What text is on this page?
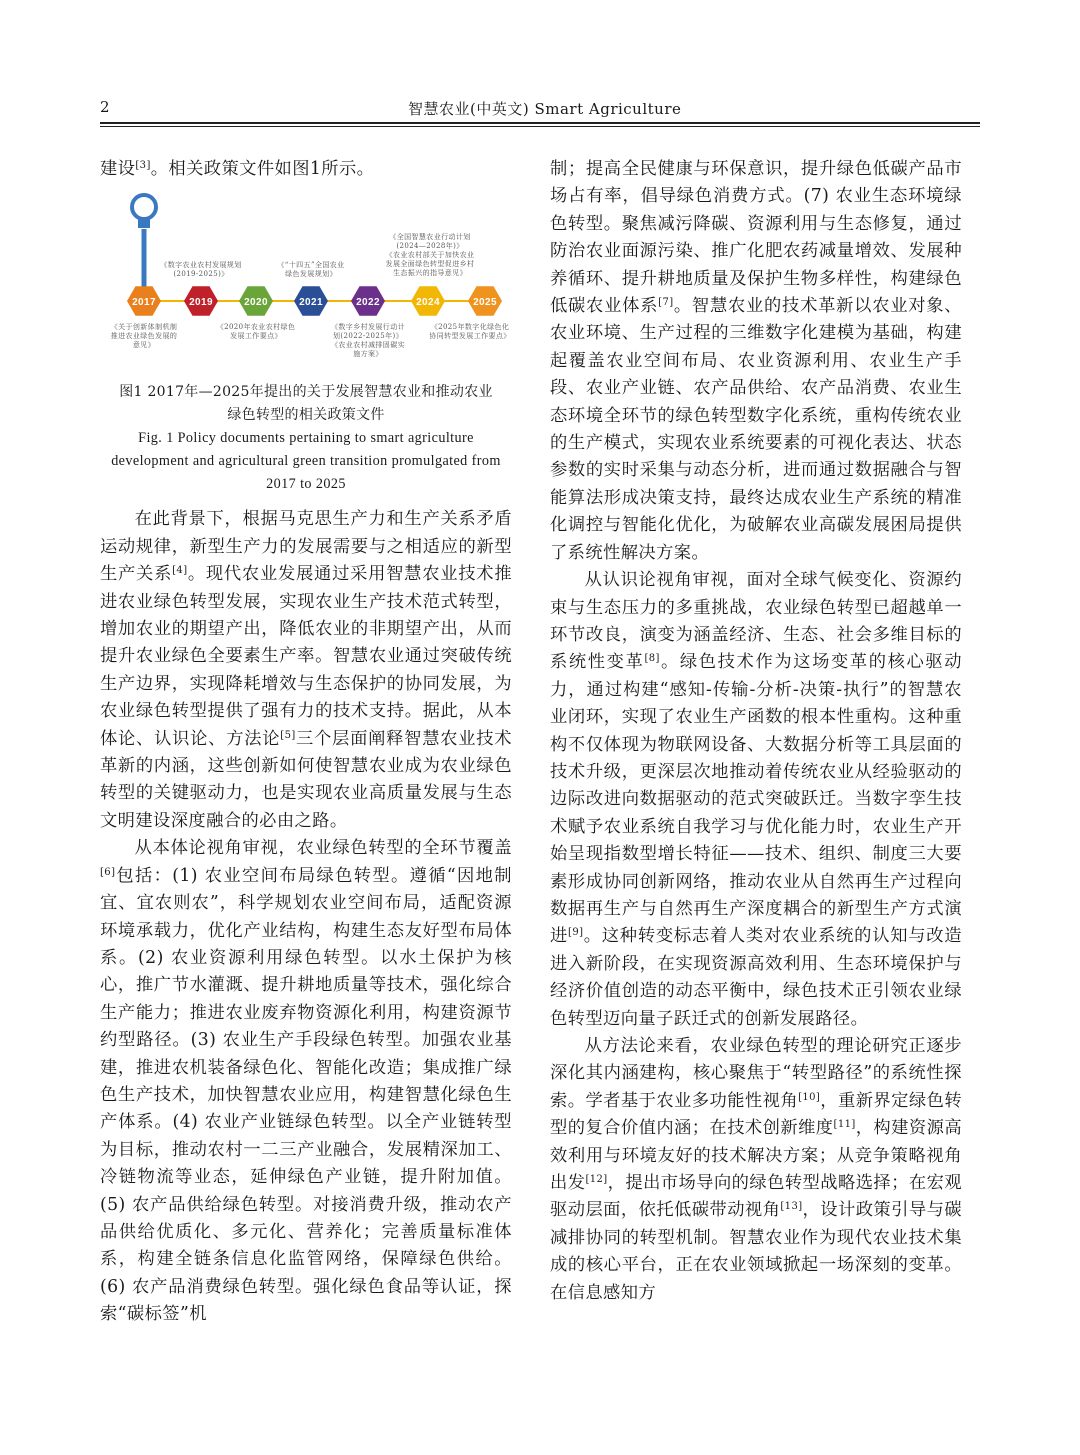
2	智慧农业(中英文) Smart Agriculture

建设[3]。相关政策文件如图1所示。

2017	2019	2020	2021	2022	2024	2025
《数字农业农村发展规划
(2019-2025)》
《“十四五”全国农业
绿色发展规划》
《全国智慧农业行动计划
(2024—2028年)》
《农业农村部关于加快农业
发展全面绿色转型促进乡村
生态振兴的指导意见》
《关于创新体制机制
推进农业绿色发展的
意见》
《2020年农业农村绿色
发展工作要点》
《数字乡村发展行动计
划(2022-2025年)》
《农业农村减排固碳实
施方案》
《2025年数字化绿色化
协同转型发展工作要点》
图1 2017年—2025年提出的关于发展智慧农业和推动农业
绿色转型的相关政策文件
Fig. 1 Policy documents pertaining to smart agriculture development and agricultural green transition promulgated from 2017 to 2025

在此背景下，根据马克思生产力和生产关系矛盾运动规律，新型生产力的发展需要与之相适应的新型生产关系[4]。现代农业发展通过采用智慧农业技术推进农业绿色转型发展，实现农业生产技术范式转型，增加农业的期望产出，降低农业的非期望产出，从而提升农业绿色全要素生产率。智慧农业通过突破传统生产边界，实现降耗增效与生态保护的协同发展，为农业绿色转型提供了强有力的技术支持。据此，从本体论、认识论、方法论[5]三个层面阐释智慧农业技术革新的内涵，这些创新如何使智慧农业成为农业绿色转型的关键驱动力，也是实现农业高质量发展与生态文明建设深度融合的必由之路。

从本体论视角审视，农业绿色转型的全环节覆盖[6]包括：(1) 农业空间布局绿色转型。遵循“因地制宜、宜农则农”，科学规划农业空间布局，适配资源环境承载力，优化产业结构，构建生态友好型布局体系。(2) 农业资源利用绿色转型。以水土保护为核心，推广节水灌溉、提升耕地质量等技术，强化综合生产能力；推进农业废弃物资源化利用，构建资源节约型路径。(3) 农业生产手段绿色转型。加强农业基建，推进农机装备绿色化、智能化改造；集成推广绿色生产技术，加快智慧农业应用，构建智慧化绿色生产体系。(4) 农业产业链绿色转型。以全产业链转型为目标，推动农村一二三产业融合，发展精深加工、冷链物流等业态，延伸绿色产业链，提升附加值。(5) 农产品供给绿色转型。对接消费升级，推动农产品供给优质化、多元化、营养化；完善质量标准体系，构建全链条信息化监管网络，保障绿色供给。(6) 农产品消费绿色转型。强化绿色食品等认证，探索“碳标签”机

制；提高全民健康与环保意识，提升绿色低碳产品市场占有率，倡导绿色消费方式。(7) 农业生态环境绿色转型。聚焦减污降碳、资源利用与生态修复，通过防治农业面源污染、推广化肥农药减量增效、发展种养循环、提升耕地质量及保护生物多样性，构建绿色低碳农业体系[7]。智慧农业的技术革新以农业对象、农业环境、生产过程的三维数字化建模为基础，构建起覆盖农业空间布局、农业资源利用、农业生产手段、农业产业链、农产品供给、农产品消费、农业生态环境全环节的绿色转型数字化系统，重构传统农业的生产模式，实现农业系统要素的可视化表达、状态参数的实时采集与动态分析，进而通过数据融合与智能算法形成决策支持，最终达成农业生产系统的精准化调控与智能化优化，为破解农业高碳发展困局提供了系统性解决方案。

从认识论视角审视，面对全球气候变化、资源约束与生态压力的多重挑战，农业绿色转型已超越单一环节改良，演变为涵盖经济、生态、社会多维目标的系统性变革[8]。绿色技术作为这场变革的核心驱动力，通过构建“感知-传输-分析-决策-执行”的智慧农业闭环，实现了农业生产函数的根本性重构。这种重构不仅体现为物联网设备、大数据分析等工具层面的技术升级，更深层次地推动着传统农业从经验驱动的边际改进向数据驱动的范式突破跃迁。当数字孪生技术赋予农业系统自我学习与优化能力时，农业生产开始呈现指数型增长特征——技术、组织、制度三大要素形成协同创新网络，推动农业从自然再生产过程向数据再生产与自然再生产深度耦合的新型生产方式演进[9]。这种转变标志着人类对农业系统的认知与改造进入新阶段，在实现资源高效利用、生态环境保护与经济价值创造的动态平衡中，绿色技术正引领农业绿色转型迈向量子跃迁式的创新发展路径。

从方法论来看，农业绿色转型的理论研究正逐步深化其内涵建构，核心聚焦于“转型路径”的系统性探索。学者基于农业多功能性视角[10]，重新界定绿色转型的复合价值内涵；在技术创新维度[11]，构建资源高效利用与环境友好的技术解决方案；从竞争策略视角出发[12]，提出市场导向的绿色转型战略选择；在宏观驱动层面，依托低碳带动视角[13]，设计政策引导与碳减排协同的转型机制。智慧农业作为现代农业技术集成的核心平台，正在农业领域掀起一场深刻的变革。在信息感知方
